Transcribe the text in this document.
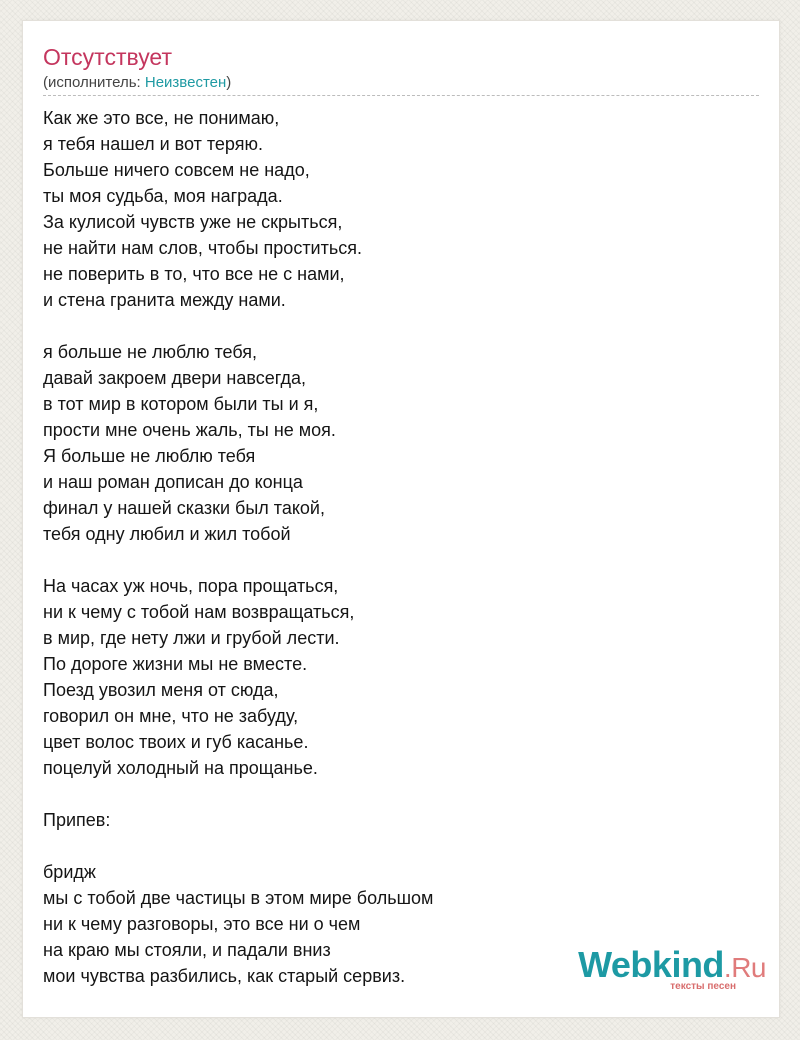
Отсутствует
(исполнитель: Неизвестен)
Как же это все, не понимаю,
я тебя нашел и вот теряю.
Больше ничего совсем не надо,
ты моя судьба, моя награда.
За кулисой чувств уже не скрыться,
не найти нам слов, чтобы проститься.
не поверить в то, что все не с нами,
и стена гранита между нами.
я больше не люблю тебя,
давай закроем двери навсегда,
в тот мир в котором были ты и я,
прости мне очень жаль, ты не моя.
Я больше не люблю тебя
и наш роман дописан до конца
финал у нашей сказки был такой,
тебя одну любил и жил тобой
На часах уж ночь, пора прощаться,
ни к чему с тобой нам возвращаться,
в мир, где нету лжи и грубой лести.
По дороге жизни мы не вместе.
Поезд увозил меня от сюда,
говорил он мне, что не забуду,
цвет волос твоих и губ касанье.
поцелуй холодный на прощанье.
Припев:
бридж
мы с тобой две частицы в этом мире большом
ни к чему разговоры, это все ни о чем
на краю мы стояли, и падали вниз
мои чувства разбились, как старый сервиз.	Webkind.Ru
тексты песен
